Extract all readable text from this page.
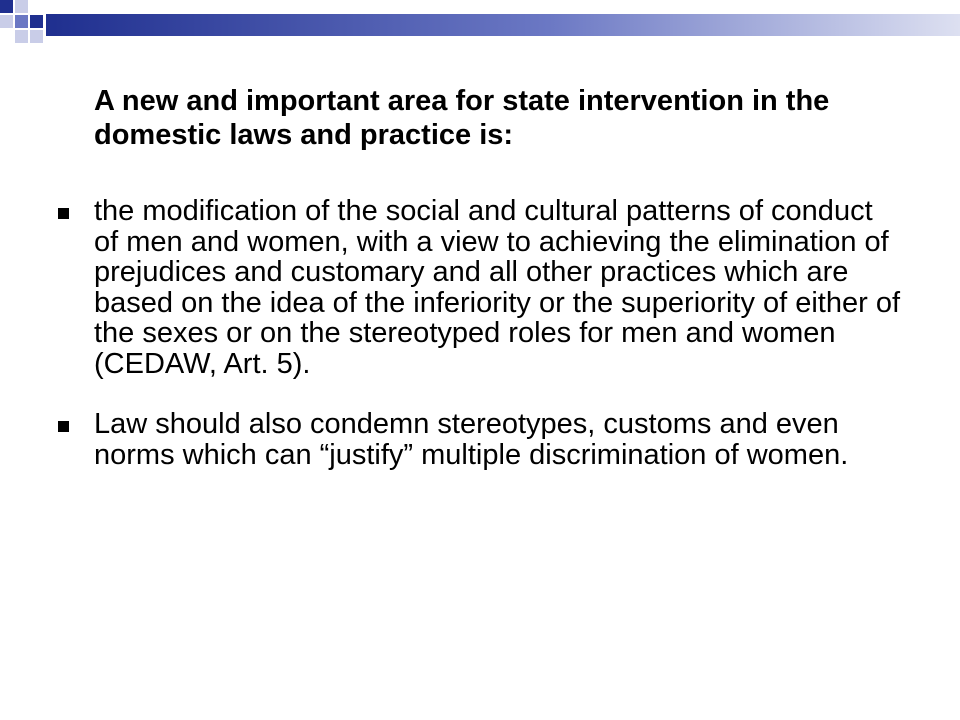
A new and important area for state intervention in the domestic laws and practice is:
the modification of the social and cultural patterns of conduct of men and women, with a view to achieving the elimination of prejudices and customary and all other practices which are based on the idea of the inferiority or the superiority of either of the sexes or on the stereotyped roles for men and women (CEDAW, Art. 5).
Law should also condemn stereotypes, customs and even norms which can “justify” multiple discrimination of women.
